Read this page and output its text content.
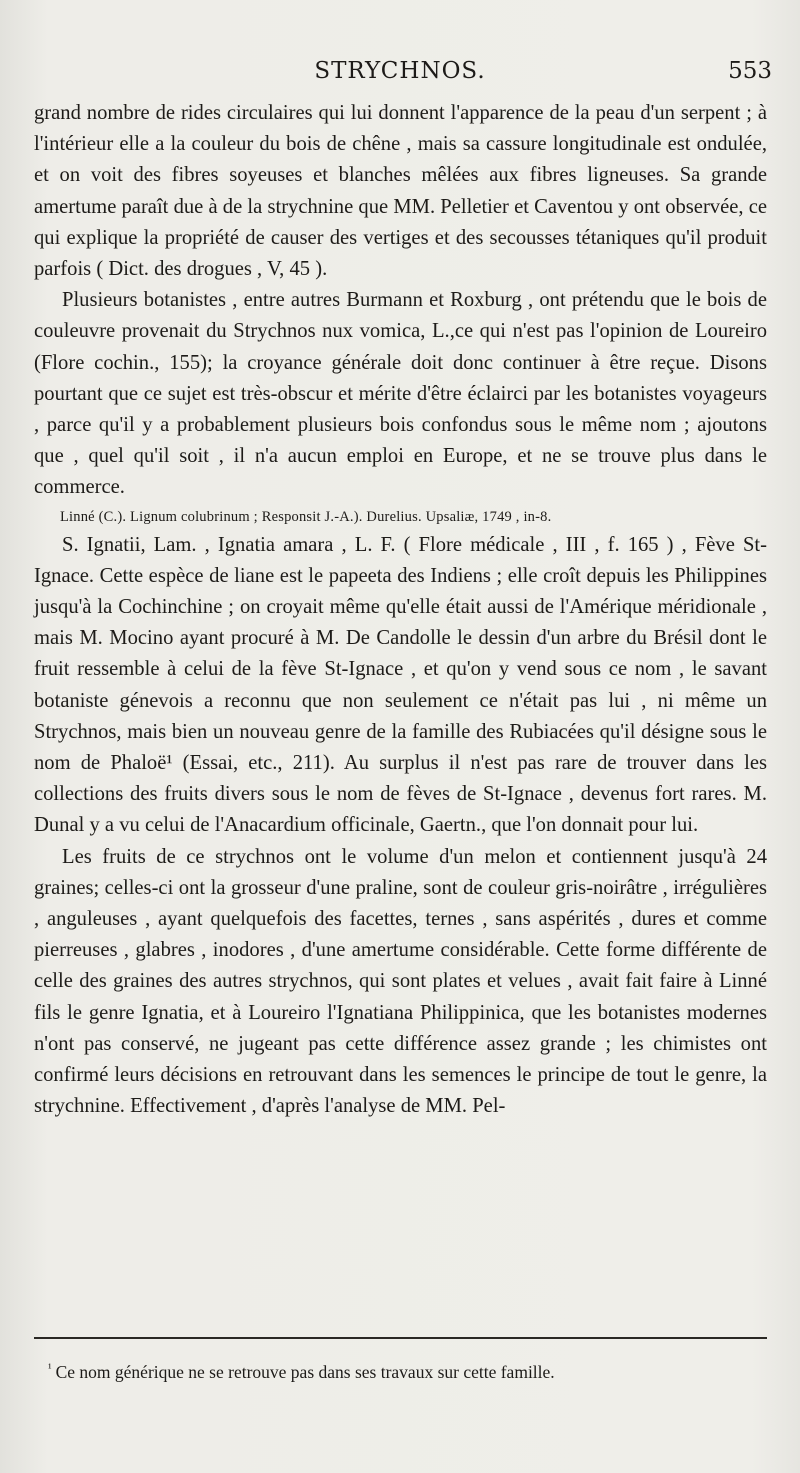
STRYCHNOS.	553

grand nombre de rides circulaires qui lui donnent l'apparence de la peau d'un serpent ; à l'intérieur elle a la couleur du bois de chêne , mais sa cassure longitudinale est ondulée, et on voit des fibres soyeuses et blanches mêlées aux fibres ligneuses. Sa grande amertume paraît due à de la strychnine que MM. Pelletier et Caventou y ont observée, ce qui explique la propriété de causer des vertiges et des secousses tétaniques qu'il produit parfois ( Dict. des drogues , V, 45 ).

Plusieurs botanistes , entre autres Burmann et Roxburg , ont prétendu que le bois de couleuvre provenait du Strychnos nux vomica, L.,ce qui n'est pas l'opinion de Loureiro (Flore cochin., 155); la croyance générale doit donc continuer à être reçue. Disons pourtant que ce sujet est très-obscur et mérite d'être éclairci par les botanistes voyageurs , parce qu'il y a probablement plusieurs bois confondus sous le même nom ; ajoutons que , quel qu'il soit , il n'a aucun emploi en Europe, et ne se trouve plus dans le commerce.

Linné (C.). Lignum colubrinum ; Responsit J.-A.). Durelius. Upsaliæ, 1749 , in-8.

S. Ignatii, Lam. , Ignatia amara , L. F. ( Flore médicale , III , f. 165 ) , Fève St-Ignace. Cette espèce de liane est le papeeta des Indiens ; elle croît depuis les Philippines jusqu'à la Cochinchine ; on croyait même qu'elle était aussi de l'Amérique méridionale , mais M. Mocino ayant procuré à M. De Candolle le dessin d'un arbre du Brésil dont le fruit ressemble à celui de la fève St-Ignace , et qu'on y vend sous ce nom , le savant botaniste génevois a reconnu que non seulement ce n'était pas lui , ni même un Strychnos, mais bien un nouveau genre de la famille des Rubiacées qu'il désigne sous le nom de Phaloë¹ (Essai, etc., 211). Au surplus il n'est pas rare de trouver dans les collections des fruits divers sous le nom de fèves de St-Ignace , devenus fort rares. M. Dunal y a vu celui de l'Anacardium officinale, Gaertn., que l'on donnait pour lui.

Les fruits de ce strychnos ont le volume d'un melon et contiennent jusqu'à 24 graines; celles-ci ont la grosseur d'une praline, sont de couleur gris-noirâtre , irrégulières , anguleuses , ayant quelquefois des facettes, ternes , sans aspérités , dures et comme pierreuses , glabres , inodores , d'une amertume considérable. Cette forme différente de celle des graines des autres strychnos, qui sont plates et velues , avait fait faire à Linné fils le genre Ignatia, et à Loureiro l'Ignatiana Philippinica, que les botanistes modernes n'ont pas conservé, ne jugeant pas cette différence assez grande ; les chimistes ont confirmé leurs décisions en retrouvant dans les semences le principe de tout le genre, la strychnine. Effectivement , d'après l'analyse de MM. Pel-

$^{^1}$ Ce nom générique ne se retrouve pas dans ses travaux sur cette famille.
